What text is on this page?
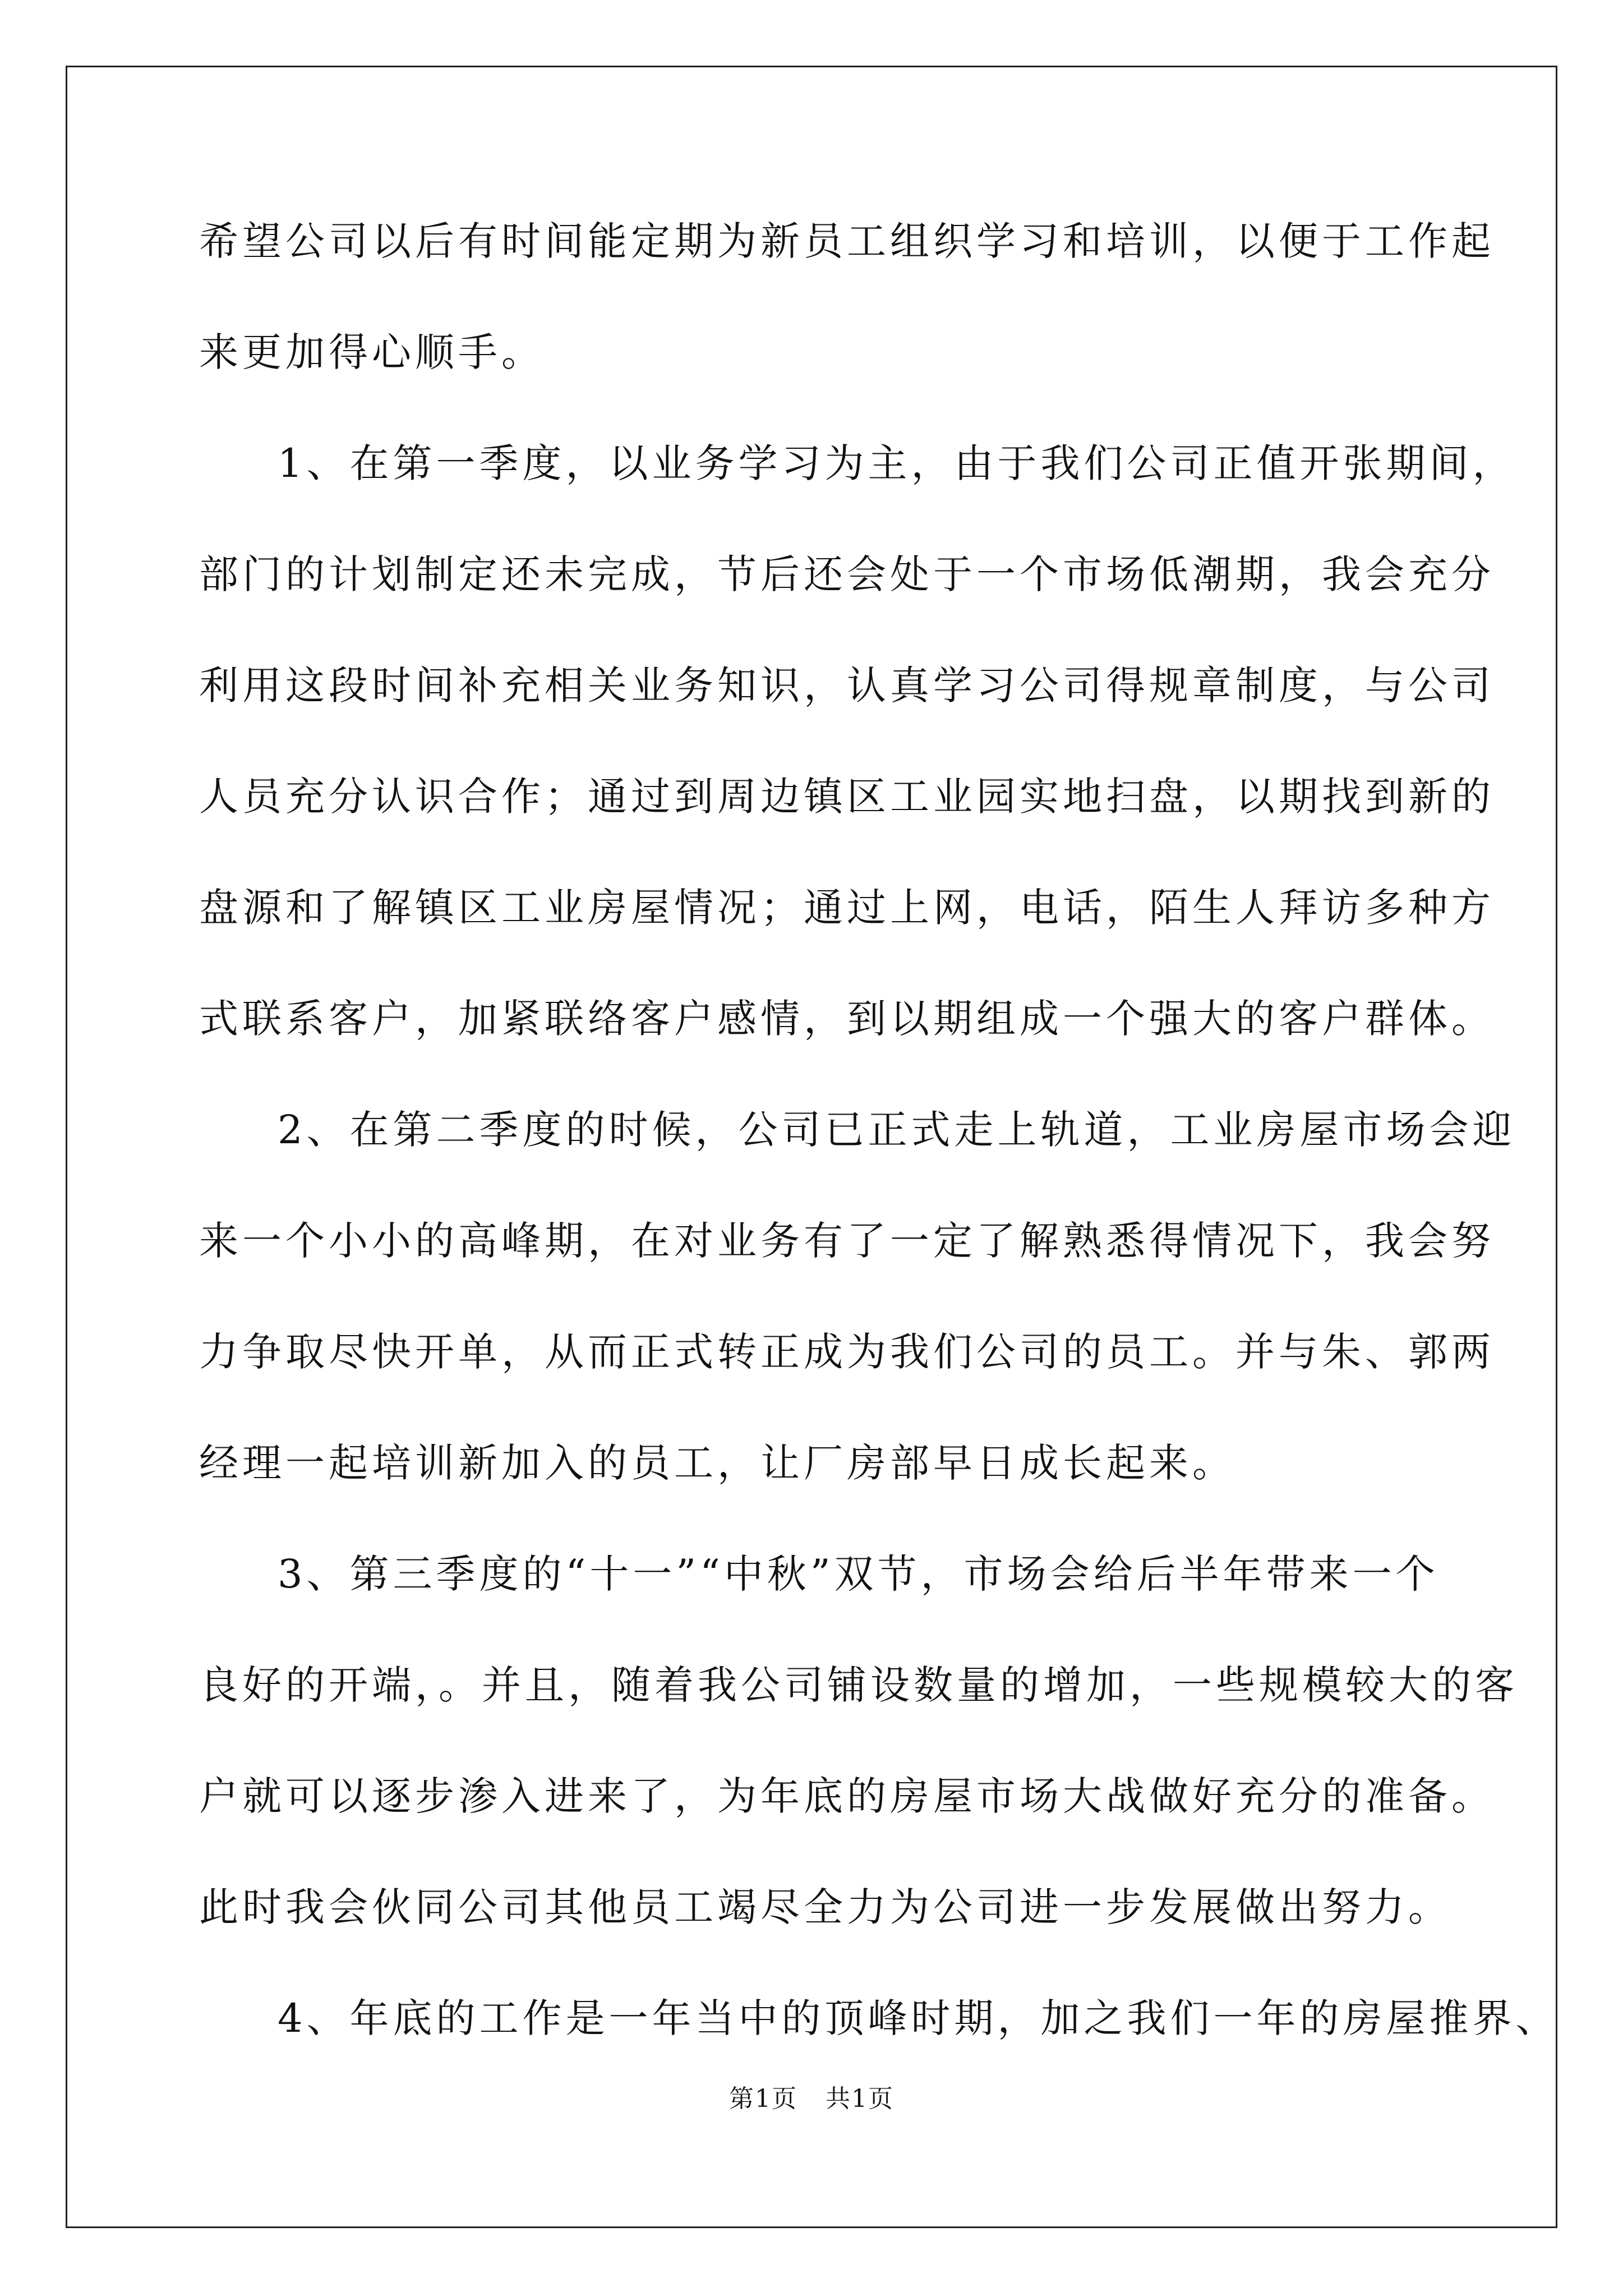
希望公司以后有时间能定期为新员工组织学习和培训，以便于工作起
来更加得心顺手。
1、在第一季度，以业务学习为主，由于我们公司正值开张期间，
部门的计划制定还未完成，节后还会处于一个市场低潮期，我会充分
利用这段时间补充相关业务知识，认真学习公司得规章制度，与公司
人员充分认识合作；通过到周边镇区工业园实地扫盘，以期找到新的
盘源和了解镇区工业房屋情况；通过上网，电话，陌生人拜访多种方
式联系客户，加紧联络客户感情，到以期组成一个强大的客户群体。
2、在第二季度的时候，公司已正式走上轨道，工业房屋市场会迎
来一个小小的高峰期，在对业务有了一定了解熟悉得情况下，我会努
力争取尽快开单，从而正式转正成为我们公司的员工。并与朱、郭两
经理一起培训新加入的员工，让厂房部早日成长起来。
3、第三季度的“十一”“中秋”双节，市场会给后半年带来一个
良好的开端，。并且，随着我公司铺设数量的增加，一些规模较大的客
户就可以逐步渗入进来了，为年底的房屋市场大战做好充分的准备。
此时我会伙同公司其他员工竭尽全力为公司进一步发展做出努力。
4、年底的工作是一年当中的顶峰时期，加之我们一年的房屋推界、
第1页 共1页
